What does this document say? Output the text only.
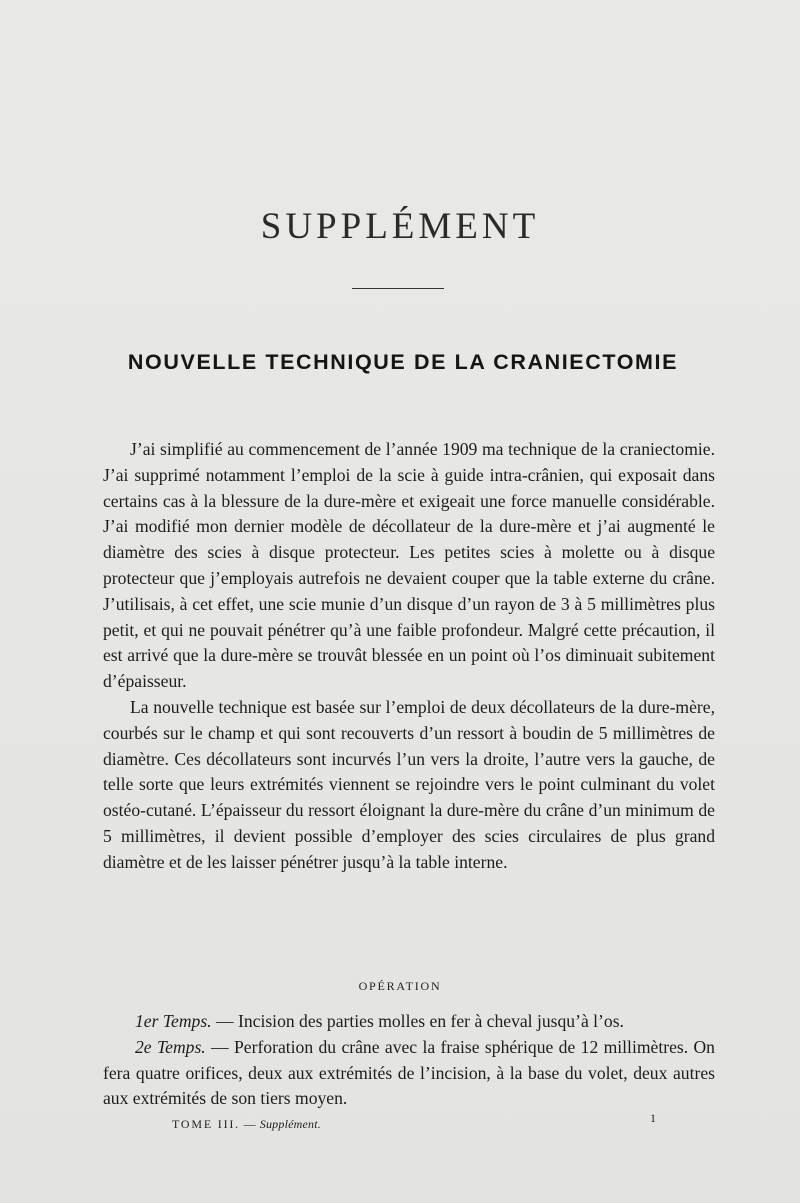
SUPPLÉMENT
NOUVELLE TECHNIQUE DE LA CRANIECTOMIE

J’ai simplifié au commencement de l’année 1909 ma technique de la craniectomie. J’ai supprimé notamment l’emploi de la scie à guide intra-crânien, qui exposait dans certains cas à la blessure de la dure-mère et exigeait une force manuelle considérable. J’ai modifié mon dernier modèle de décollateur de la dure-mère et j’ai augmenté le diamètre des scies à disque protecteur. Les petites scies à molette ou à disque protecteur que j’employais autrefois ne devaient couper que la table externe du crâne. J’utilisais, à cet effet, une scie munie d’un disque d’un rayon de 3 à 5 millimètres plus petit, et qui ne pouvait pénétrer qu’à une faible profondeur. Malgré cette précaution, il est arrivé que la dure-mère se trouvât blessée en un point où l’os diminuait subitement d’épaisseur.

La nouvelle technique est basée sur l’emploi de deux décollateurs de la dure-mère, courbés sur le champ et qui sont recouverts d’un ressort à boudin de 5 millimètres de diamètre. Ces décollateurs sont incurvés l’un vers la droite, l’autre vers la gauche, de telle sorte que leurs extrémités viennent se rejoindre vers le point culminant du volet ostéo-cutané. L’épaisseur du ressort éloignant la dure-mère du crâne d’un minimum de 5 millimètres, il devient possible d’employer des scies circulaires de plus grand diamètre et de les laisser pénétrer jusqu’à la table interne.

OPÉRATION

1er Temps. — Incision des parties molles en fer à cheval jusqu’à l’os.

2e Temps. — Perforation du crâne avec la fraise sphérique de 12 millimètres. On fera quatre orifices, deux aux extrémités de l’incision, à la base du volet, deux autres aux extrémités de son tiers moyen.

TOME III. — Supplément.	1
